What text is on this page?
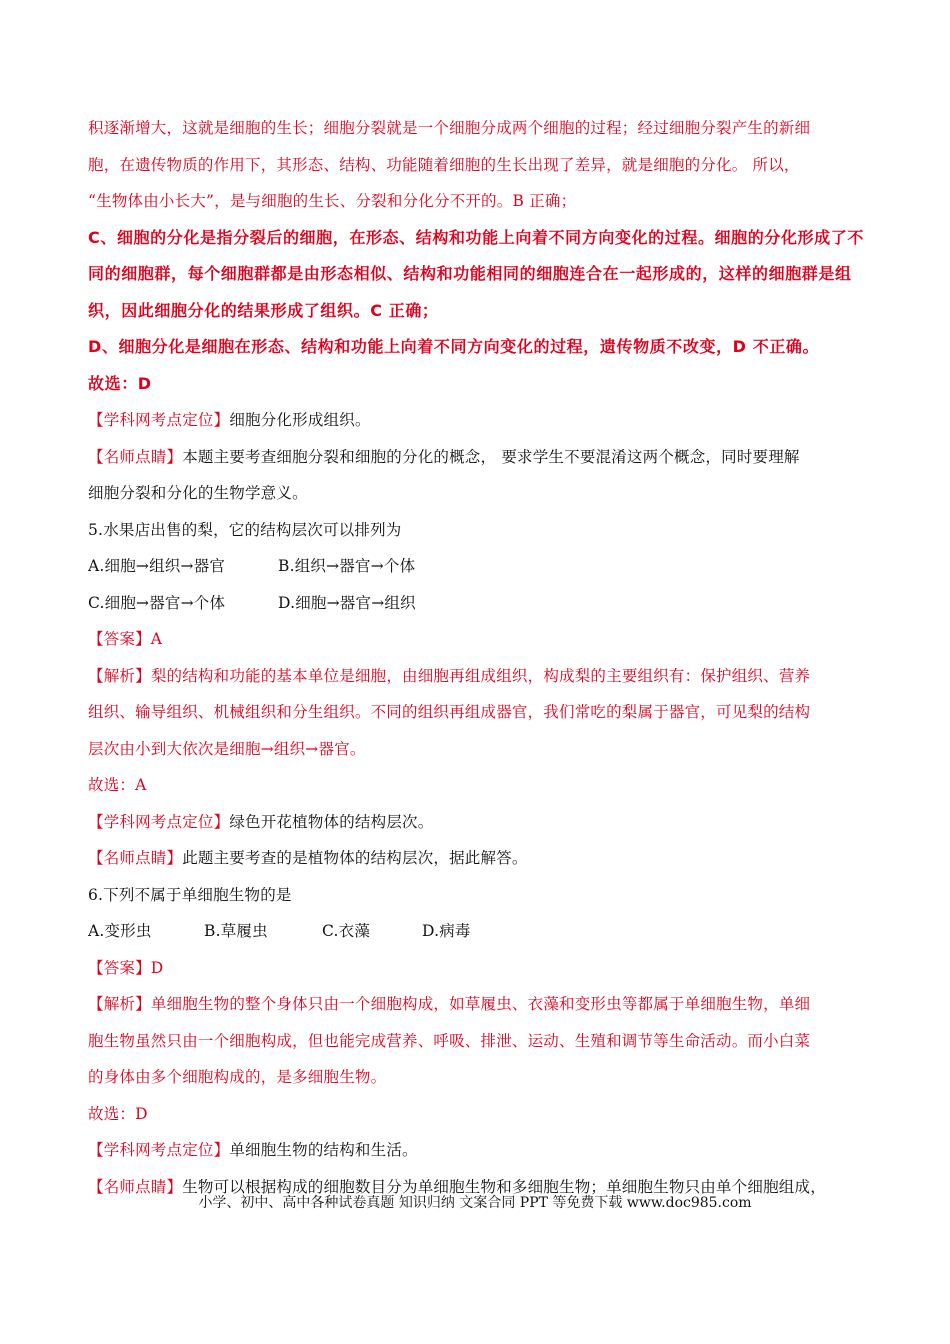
积逐渐增大，这就是细胞的生长；细胞分裂就是一个细胞分成两个细胞的过程；经过细胞分裂产生的新细
胞，在遗传物质的作用下，其形态、结构、功能随着细胞的生长出现了差异，就是细胞的分化。 所以，
“生物体由小长大”，是与细胞的生长、分裂和分化分不开的。B 正确；
C、细胞的分化是指分裂后的细胞，在形态、结构和功能上向着不同方向变化的过程。细胞的分化形成了不
同的细胞群，每个细胞群都是由形态相似、结构和功能相同的细胞连合在一起形成的，这样的细胞群是组
织，因此细胞分化的结果形成了组织。C 正确；
D、细胞分化是细胞在形态、结构和功能上向着不同方向变化的过程，遗传物质不改变，D 不正确。
故选：D
【学科网考点定位】细胞分化形成组织。
【名师点睛】本题主要考查细胞分裂和细胞的分化的概念， 要求学生不要混淆这两个概念，同时要理解
细胞分裂和分化的生物学意义。
5.水果店出售的梨，它的结构层次可以排列为
A.细胞→组织→器官	B.组织→器官→个体
C.细胞→器官→个体	D.细胞→器官→组织
【答案】A
【解析】梨的结构和功能的基本单位是细胞，由细胞再组成组织，构成梨的主要组织有：保护组织、营养
组织、输导组织、机械组织和分生组织。不同的组织再组成器官，我们常吃的梨属于器官，可见梨的结构
层次由小到大依次是细胞→组织→器官。
故选：A
【学科网考点定位】绿色开花植物体的结构层次。
【名师点睛】此题主要考查的是植物体的结构层次，据此解答。
6.下列不属于单细胞生物的是
A.变形虫	B.草履虫	C.衣藻	D.病毒
【答案】D
【解析】单细胞生物的整个身体只由一个细胞构成，如草履虫、衣藻和变形虫等都属于单细胞生物，单细
胞生物虽然只由一个细胞构成，但也能完成营养、呼吸、排泄、运动、生殖和调节等生命活动。而小白菜
的身体由多个细胞构成的，是多细胞生物。
故选：D
【学科网考点定位】单细胞生物的结构和生活。
【名师点睛】生物可以根据构成的细胞数目分为单细胞生物和多细胞生物；单细胞生物只由单个细胞组成，
小学、初中、高中各种试卷真题 知识归纳 文案合同 PPT 等免费下载 www.doc985.com
